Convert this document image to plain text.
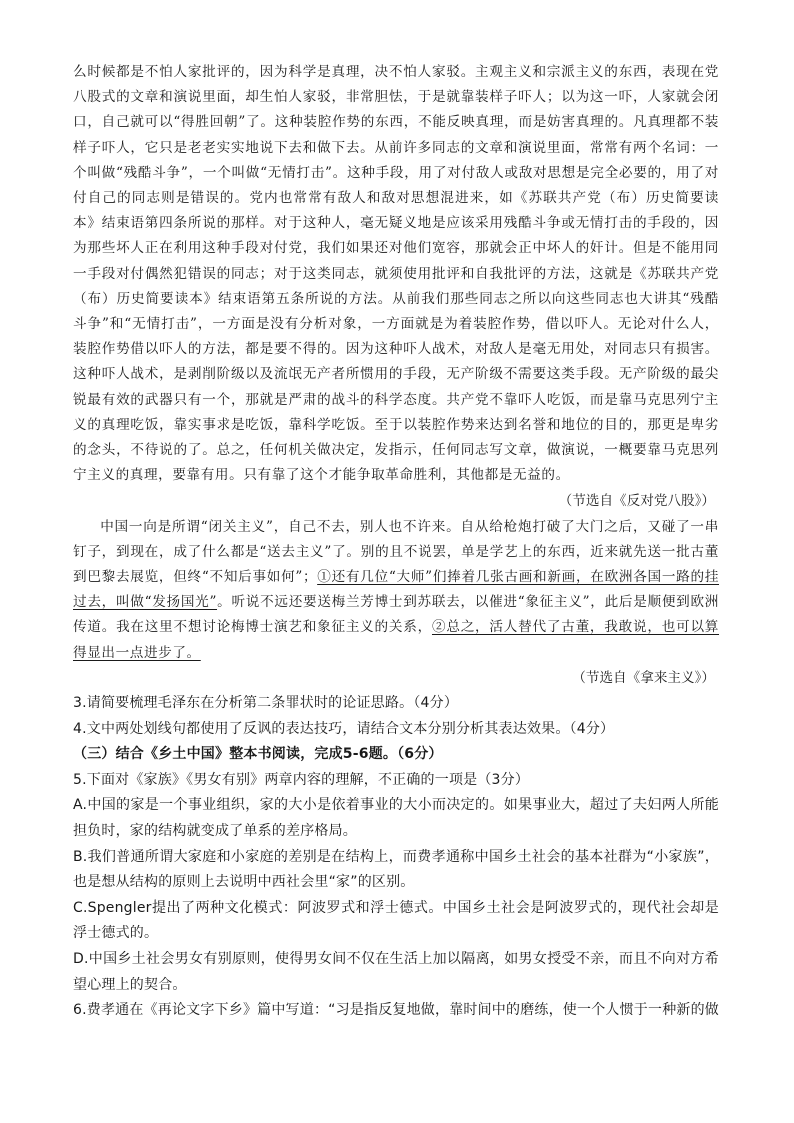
么时候都是不怕人家批评的，因为科学是真理，决不怕人家驳。主观主义和宗派主义的东西，表现在党八股式的文章和演说里面，却生怕人家驳，非常胆怯，于是就靠装样子吓人；以为这一吓，人家就会闭口，自己就可以“得胜回朝”了。这种装腔作势的东西，不能反映真理，而是妨害真理的。凡真理都不装样子吓人，它只是老老实实地说下去和做下去。从前许多同志的文章和演说里面，常常有两个名词：一个叫做“残酷斗争”，一个叫做“无情打击”。这种手段，用了对付敌人或敌对思想是完全必要的，用了对付自己的同志则是错误的。党内也常常有敌人和敌对思想混进来，如《苏联共产党（布）历史简要读本》结束语第四条所说的那样。对于这种人，毫无疑义地是应该采用残酷斗争或无情打击的手段的，因为那些坏人正在利用这种手段对付党，我们如果还对他们宽容，那就会正中坏人的奸计。但是不能用同一手段对付偶然犯错误的同志；对于这类同志，就须使用批评和自我批评的方法，这就是《苏联共产党（布）历史简要读本》结束语第五条所说的方法。从前我们那些同志之所以向这些同志也大讲其“残酷斗争”和“无情打击”，一方面是没有分析对象，一方面就是为着装腔作势，借以吓人。无论对什么人，装腔作势借以吓人的方法，都是要不得的。因为这种吓人战术，对敌人是毫无用处，对同志只有损害。这种吓人战术，是剥削阶级以及流氓无产者所惯用的手段，无产阶级不需要这类手段。无产阶级的最尖锐最有效的武器只有一个，那就是严肃的战斗的科学态度。共产党不靠吓人吃饭，而是靠马克思列宁主义的真理吃饭，靠实事求是吃饭，靠科学吃饭。至于以装腔作势来达到名誉和地位的目的，那更是卑劣的念头，不待说的了。总之，任何机关做决定，发指示，任何同志写文章，做演说，一概要靠马克思列宁主义的真理，要靠有用。只有靠了这个才能争取革命胜利，其他都是无益的。

（节选自《反对党八股》）

中国一向是所谓“闭关主义”，自己不去，别人也不许来。自从给枪炮打破了大门之后，又碰了一串钉子，到现在，成了什么都是“送去主义”了。别的且不说罢，单是学艺上的东西，近来就先送一批古董到巴黎去展览，但终“不知后事如何”；①还有几位“大师”们捧着几张古画和新画，在欧洲各国一路的挂过去，叫做“发扬国光”。听说不远还要送梅兰芳博士到苏联去，以催进“象征主义”，此后是顺便到欧洲传道。我在这里不想讨论梅博士演艺和象征主义的关系，②总之，活人替代了古董，我敢说，也可以算得显出一点进步了。

（节选自《拿来主义》）

3.请简要梳理毛泽东在分析第二条罪状时的论证思路。（4分）

4.文中两处划线句都使用了反讽的表达技巧，请结合文本分别分析其表达效果。（4分）

（三）结合《乡土中国》整本书阅读，完成5-6题。（6分）

5.下面对《家族》《男女有别》两章内容的理解，不正确的一项是（3分）

A.中国的家是一个事业组织，家的大小是依着事业的大小而决定的。如果事业大，超过了夫妇两人所能担负时，家的结构就变成了单系的差序格局。

B.我们普通所谓大家庭和小家庭的差别是在结构上，而费孝通称中国乡土社会的基本社群为“小家族”，也是想从结构的原则上去说明中西社会里“家”的区别。

C.Spengler提出了两种文化模式：阿波罗式和浮士德式。中国乡土社会是阿波罗式的，现代社会却是浮士德式的。

D.中国乡土社会男女有别原则，使得男女间不仅在生活上加以隔离，如男女授受不亲，而且不向对方希望心理上的契合。

6.费孝通在《再论文字下乡》篇中写道：“习是指反复地做，靠时间中的磨练，使一个人惯于一种新的做
